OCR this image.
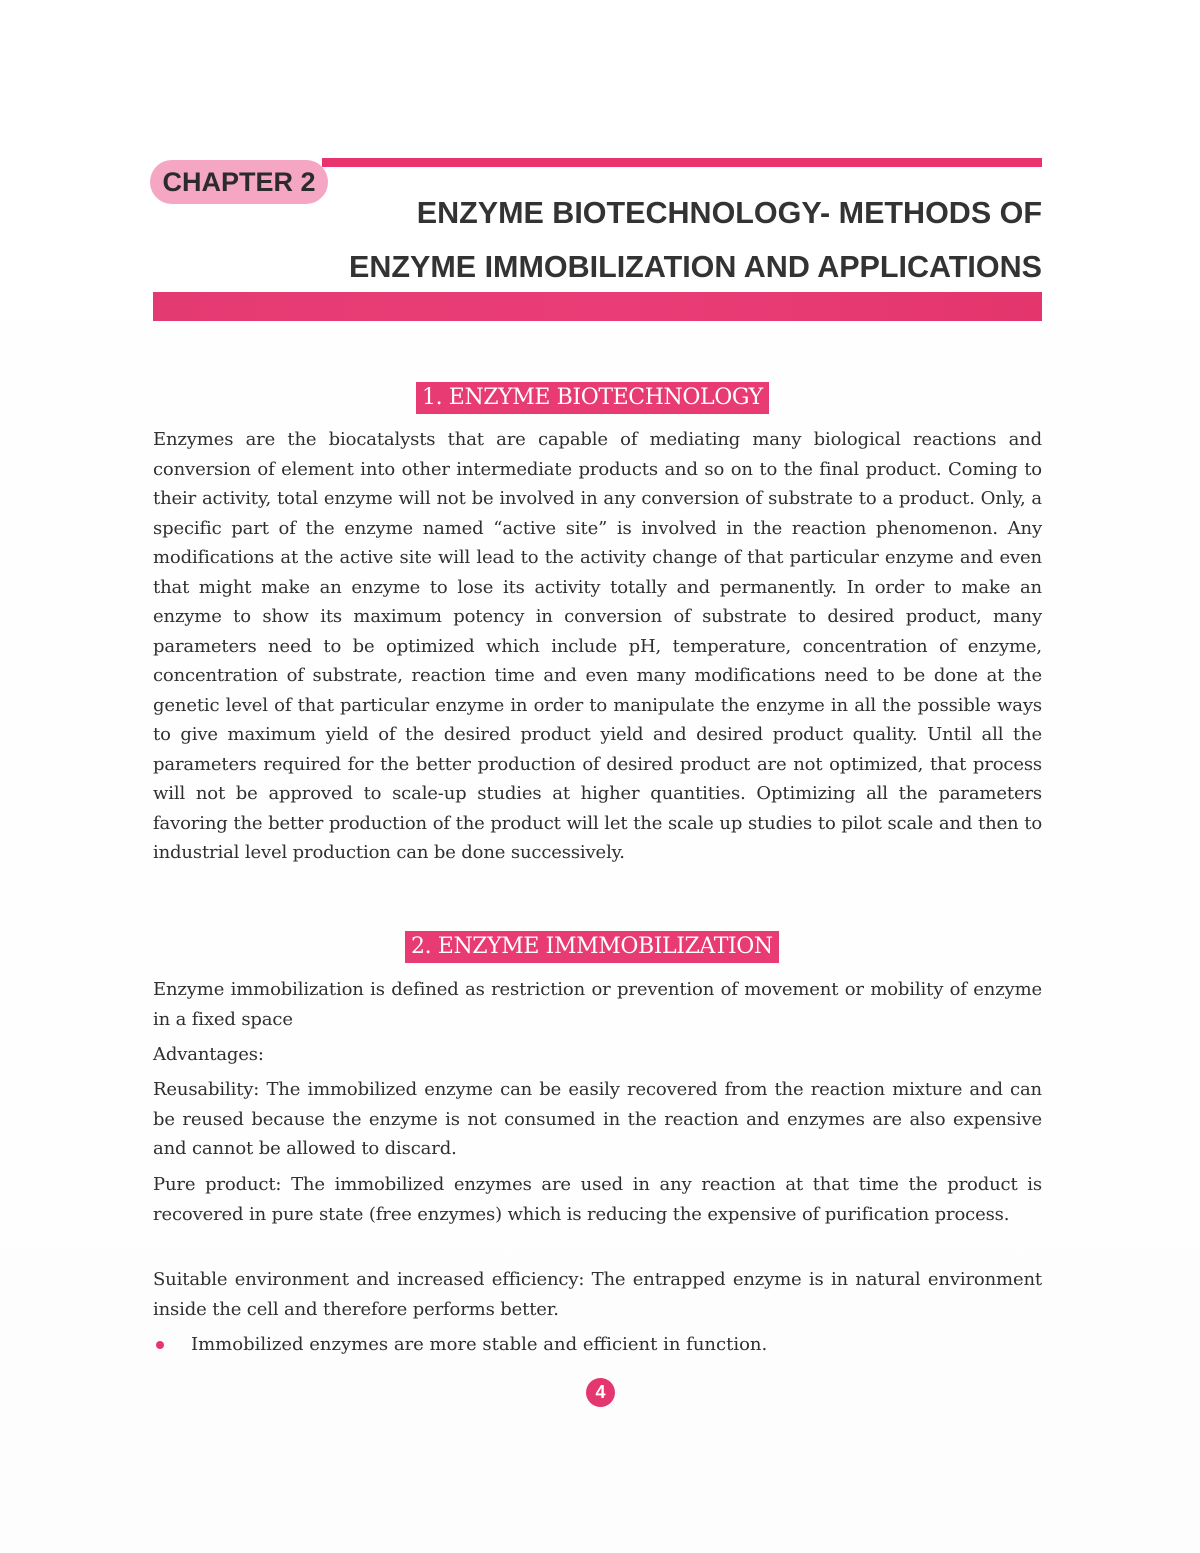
CHAPTER 2
ENZYME BIOTECHNOLOGY- METHODS OF
ENZYME IMMOBILIZATION AND APPLICATIONS
1. ENZYME BIOTECHNOLOGY

Enzymes are the biocatalysts that are capable of mediating many biological reactions and conversion of element into other intermediate products and so on to the final product. Coming to their activity, total enzyme will not be involved in any conversion of substrate to a product. Only, a specific part of the enzyme named “active site” is involved in the reaction phenomenon. Any modifications at the active site will lead to the activity change of that particular enzyme and even that might make an enzyme to lose its activity totally and permanently. In order to make an enzyme to show its maximum potency in conversion of substrate to desired product, many parameters need to be optimized which include pH, temperature, concentration of enzyme, concentration of substrate, reaction time and even many modifications need to be done at the genetic level of that particular enzyme in order to manipulate the enzyme in all the possible ways to give maximum yield of the desired product yield and desired product quality. Until all the parameters required for the better production of desired product are not optimized, that process will not be approved to scale-up studies at higher quantities. Optimizing all the parameters favoring the better production of the product will let the scale up studies to pilot scale and then to industrial level production can be done successively.

2. ENZYME IMMMOBILIZATION

Enzyme immobilization is defined as restriction or prevention of movement or mobility of enzyme in a fixed space

Advantages:

Reusability: The immobilized enzyme can be easily recovered from the reaction mixture and can be reused because the enzyme is not consumed in the reaction and enzymes are also expensive and cannot be allowed to discard.

Pure product: The immobilized enzymes are used in any reaction at that time the product is recovered in pure state (free enzymes) which is reducing the expensive of purification process.

Suitable environment and increased efficiency: The entrapped enzyme is in natural environment inside the cell and therefore performs better.

Immobilized enzymes are more stable and efficient in function.
4
